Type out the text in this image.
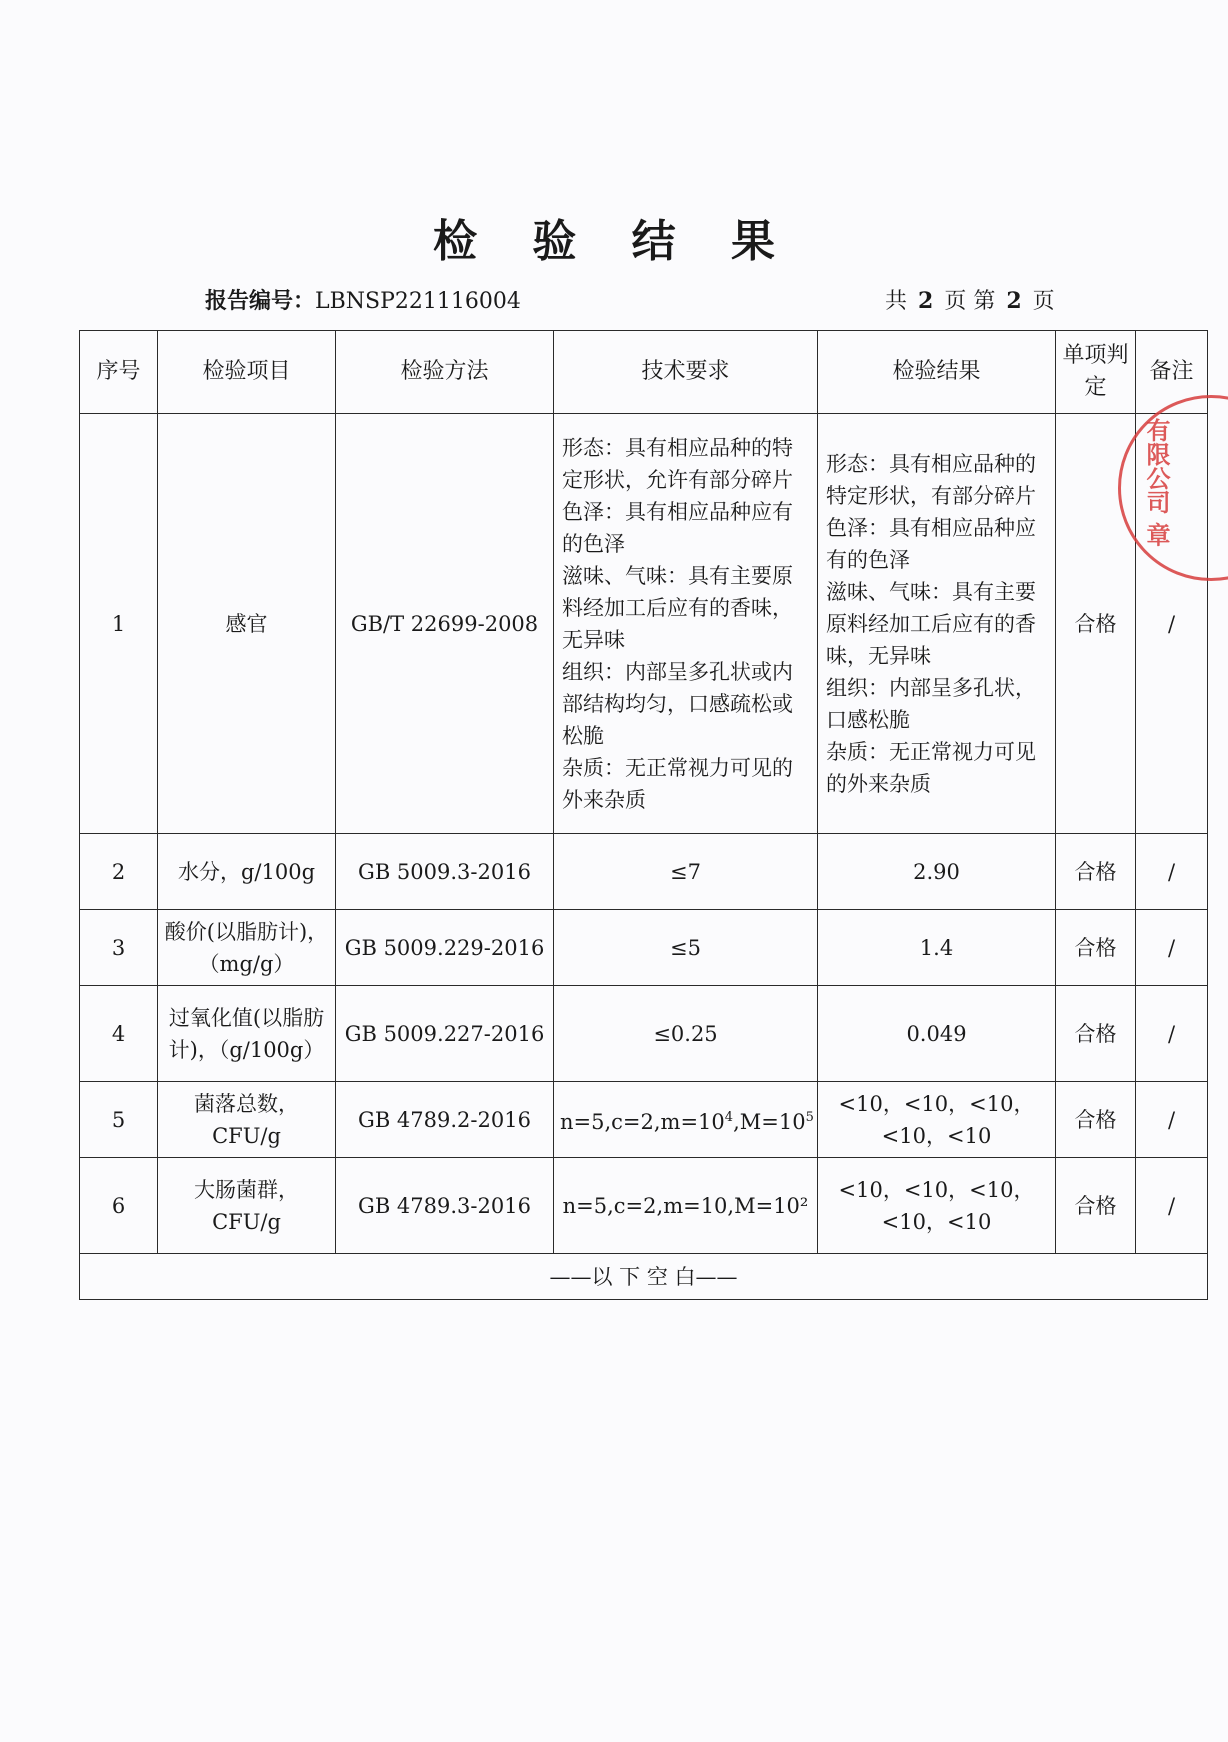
检 验 结 果
报告编号：LBNSP221116004	共 2 页 第 2 页
序号	检验项目	检验方法	技术要求	检验结果	单项判定	备注
1	感官	GB/T 22699-2008	形态：具有相应品种的特定形状，允许有部分碎片
色泽：具有相应品种应有的色泽
滋味、气味：具有主要原料经加工后应有的香味，无异味
组织：内部呈多孔状或内部结构均匀，口感疏松或松脆
杂质：无正常视力可见的外来杂质	形态：具有相应品种的特定形状，有部分碎片
色泽：具有相应品种应有的色泽
滋味、气味：具有主要原料经加工后应有的香味，无异味
组织：内部呈多孔状，口感松脆
杂质：无正常视力可见的外来杂质	合格	/
2	水分，g/100g	GB 5009.3-2016	≤7	2.90	合格	/
3	酸价(以脂肪计)，（mg/g）	GB 5009.229-2016	≤5	1.4	合格	/
4	过氧化值(以脂肪计)，（g/100g）	GB 5009.227-2016	≤0.25	0.049	合格	/
5	菌落总数，CFU/g	GB 4789.2-2016	$n=5,c=2,m=10^4,M=10^5$	<10，<10，<10，<10，<10	合格	/
6	大肠菌群，CFU/g	GB 4789.3-2016	n=5,c=2,m=10,M=10²	<10，<10，<10，<10，<10	合格	/
——以 下 空 白——						
有限公司 章
